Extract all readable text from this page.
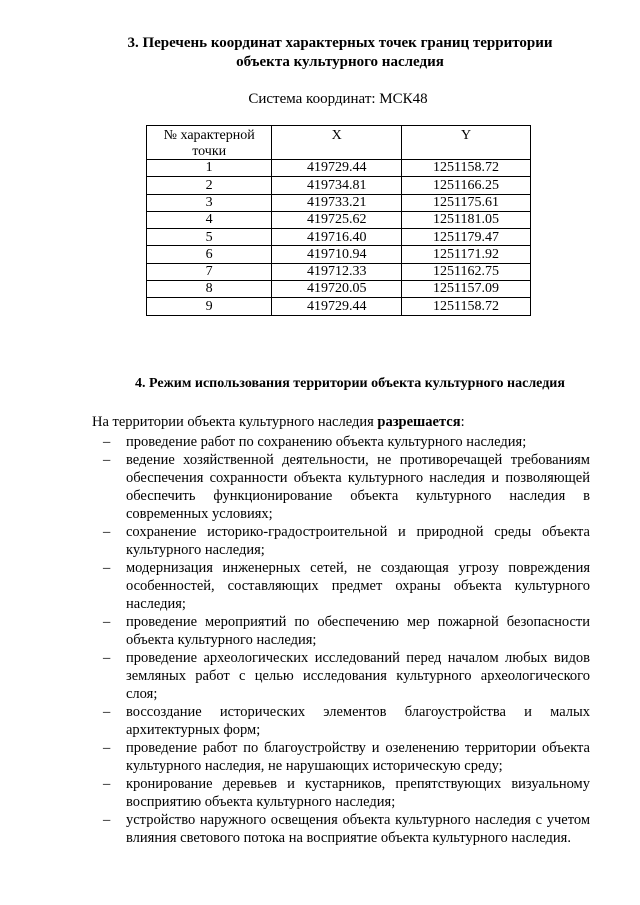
3. Перечень координат характерных точек границ территории
объекта культурного наследия
Система координат: МСК48
№ характерной точки	X	Y
1	419729.44	1251158.72
2	419734.81	1251166.25
3	419733.21	1251175.61
4	419725.62	1251181.05
5	419716.40	1251179.47
6	419710.94	1251171.92
7	419712.33	1251162.75
8	419720.05	1251157.09
9	419729.44	1251158.72
4. Режим использования территории объекта культурного наследия
На территории объекта культурного наследия разрешается:
– проведение работ по сохранению объекта культурного наследия;
– ведение хозяйственной деятельности, не противоречащей требованиям обеспечения сохранности объекта культурного наследия и позволяющей обеспечить функционирование объекта культурного наследия в современных условиях;
– сохранение историко-градостроительной и природной среды объекта культурного наследия;
– модернизация инженерных сетей, не создающая угрозу повреждения особенностей, составляющих предмет охраны объекта культурного наследия;
– проведение мероприятий по обеспечению мер пожарной безопасности объекта культурного наследия;
– проведение археологических исследований перед началом любых видов земляных работ с целью исследования культурного археологического слоя;
– воссоздание исторических элементов благоустройства и малых архитектурных форм;
– проведение работ по благоустройству и озеленению территории объекта культурного наследия, не нарушающих историческую среду;
– кронирование деревьев и кустарников, препятствующих визуальному восприятию объекта культурного наследия;
– устройство наружного освещения объекта культурного наследия с учетом влияния светового потока на восприятие объекта культурного наследия.
